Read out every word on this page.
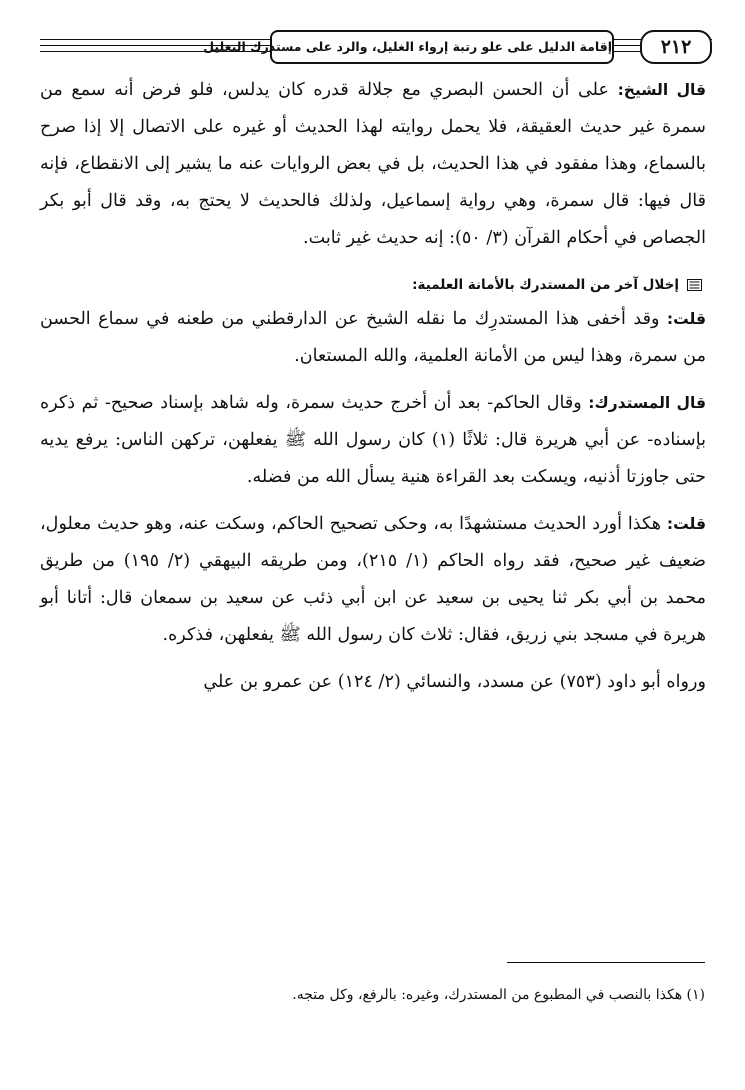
٢١٢
إقامة الدليل على علو رتبة إرواء الغليل، والرد على مستدرك التعليل

قال الشيخ: على أن الحسن البصري مع جلالة قدره كان يدلس، فلو فرض أنه سمع من سمرة غير حديث العقيقة، فلا يحمل روايته لهذا الحديث أو غيره على الاتصال إلا إذا صرح بالسماع، وهذا مفقود في هذا الحديث، بل في بعض الروايات عنه ما يشير إلى الانقطاع، فإنه قال فيها: قال سمرة، وهي رواية إسماعيل، ولذلك فالحديث لا يحتج به، وقد قال أبو بكر الجصاص في أحكام القرآن (٣/ ٥٠): إنه حديث غير ثابت.

إخلال آخر من المستدرك بالأمانة العلمية:

قلت: وقد أخفى هذا المستدرِك ما نقله الشيخ عن الدارقطني من طعنه في سماع الحسن من سمرة، وهذا ليس من الأمانة العلمية، والله المستعان.

قال المستدرك: وقال الحاكم- بعد أن أخرج حديث سمرة، وله شاهد بإسناد صحيح- ثم ذكره بإسناده- عن أبي هريرة قال: ثلاثًا (١) كان رسول الله ﷺ يفعلهن، تركهن الناس: يرفع يديه حتى جاوزتا أذنيه، ويسكت بعد القراءة هنية يسأل الله من فضله.

قلت: هكذا أورد الحديث مستشهدًا به، وحكى تصحيح الحاكم، وسكت عنه، وهو حديث معلول، ضعيف غير صحيح، فقد رواه الحاكم (١/ ٢١٥)، ومن طريقه البيهقي (٢/ ١٩٥) من طريق محمد بن أبي بكر ثنا يحيى بن سعيد عن ابن أبي ذئب عن سعيد بن سمعان قال: أتانا أبو هريرة في مسجد بني زريق، فقال: ثلاث كان رسول الله ﷺ يفعلهن، فذكره.

ورواه أبو داود (٧٥٣) عن مسدد، والنسائي (٢/ ١٢٤) عن عمرو بن علي

(١) هكذا بالنصب في المطبوع من المستدرك، وغيره: بالرفع، وكل متجه.
